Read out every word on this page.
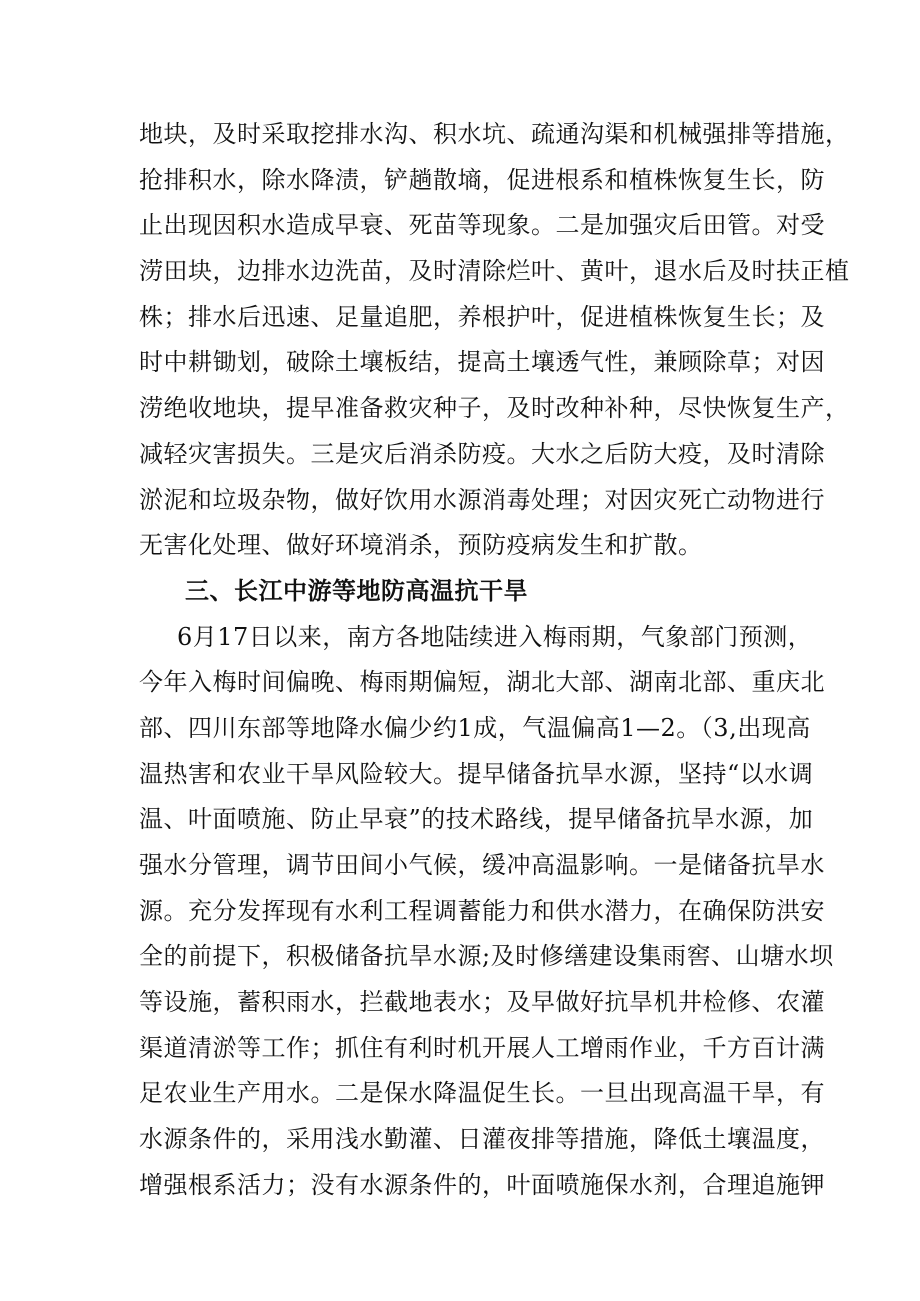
地块，及时采取挖排水沟、积水坑、疏通沟渠和机械强排等措施，
抢排积水，除水降渍，铲趟散墒，促进根系和植株恢复生长，防
止出现因积水造成早衰、死苗等现象。二是加强灾后田管。对受
涝田块，边排水边洗苗，及时清除烂叶、黄叶，退水后及时扶正植
株；排水后迅速、足量追肥，养根护叶，促进植株恢复生长；及
时中耕锄划，破除土壤板结，提高土壤透气性，兼顾除草；对因
涝绝收地块，提早准备救灾种子，及时改种补种，尽快恢复生产，
减轻灾害损失。三是灾后消杀防疫。大水之后防大疫，及时清除
淤泥和垃圾杂物，做好饮用水源消毒处理；对因灾死亡动物进行
无害化处理、做好环境消杀，预防疫病发生和扩散。
三、长江中游等地防高温抗干旱
6月17日以来，南方各地陆续进入梅雨期，气象部门预测，
今年入梅时间偏晚、梅雨期偏短，湖北大部、湖南北部、重庆北
部、四川东部等地降水偏少约1成，气温偏高1—2。（3,出现高
温热害和农业干旱风险较大。提早储备抗旱水源，坚持“以水调
温、叶面喷施、防止早衰”的技术路线，提早储备抗旱水源，加
强水分管理，调节田间小气候，缓冲高温影响。一是储备抗旱水
源。充分发挥现有水利工程调蓄能力和供水潜力，在确保防洪安
全的前提下，积极储备抗旱水源;及时修缮建设集雨窖、山塘水坝
等设施，蓄积雨水，拦截地表水；及早做好抗旱机井检修、农灌
渠道清淤等工作；抓住有利时机开展人工增雨作业，千方百计满
足农业生产用水。二是保水降温促生长。一旦出现高温干旱，有
水源条件的，采用浅水勤灌、日灌夜排等措施，降低土壤温度，
增强根系活力；没有水源条件的，叶面喷施保水剂，合理追施钾
